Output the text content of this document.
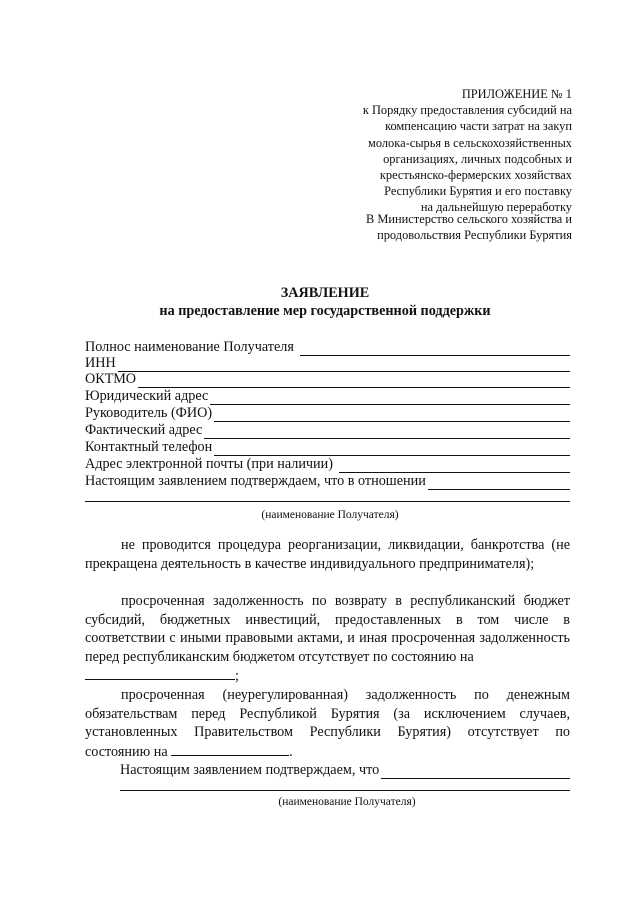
ПРИЛОЖЕНИЕ № 1
к Порядку предоставления субсидий на
компенсацию части затрат на закуп
молока-сырья в сельскохозяйственных
организациях, личных подсобных и
крестьянско-фермерских хозяйствах
Республики Бурятия и его поставку
на дальнейшую переработку
В Министерство сельского хозяйства и
продовольствия Республики Бурятия
ЗАЯВЛЕНИЕ
на предоставление мер государственной поддержки
Полнос наименование Получателя
ИНН
ОКТМО
Юридический адрес
Руководитель (ФИО)
Фактический адрес
Контактный телефон
Адрес электронной почты (при наличии)
Настоящим заявлением подтверждаем, что в отношении
(наименование Получателя)
не проводится процедура реорганизации, ликвидации, банкротства (не прекращена деятельность в качестве индивидуального предпринимателя);
просроченная задолженность по возврату в республиканский бюджет субсидий, бюджетных инвестиций, предоставленных в том числе в соответствии с иными правовыми актами, и иная просроченная задолженность перед республиканским бюджетом отсутствует по состоянию на
;
просроченная (неурегулированная) задолженность по денежным обязательствам перед Республикой Бурятия (за исключением случаев, установленных Правительством Республики Бурятия) отсутствует по состоянию на	.
Настоящим заявлением подтверждаем, что
(наименование Получателя)
